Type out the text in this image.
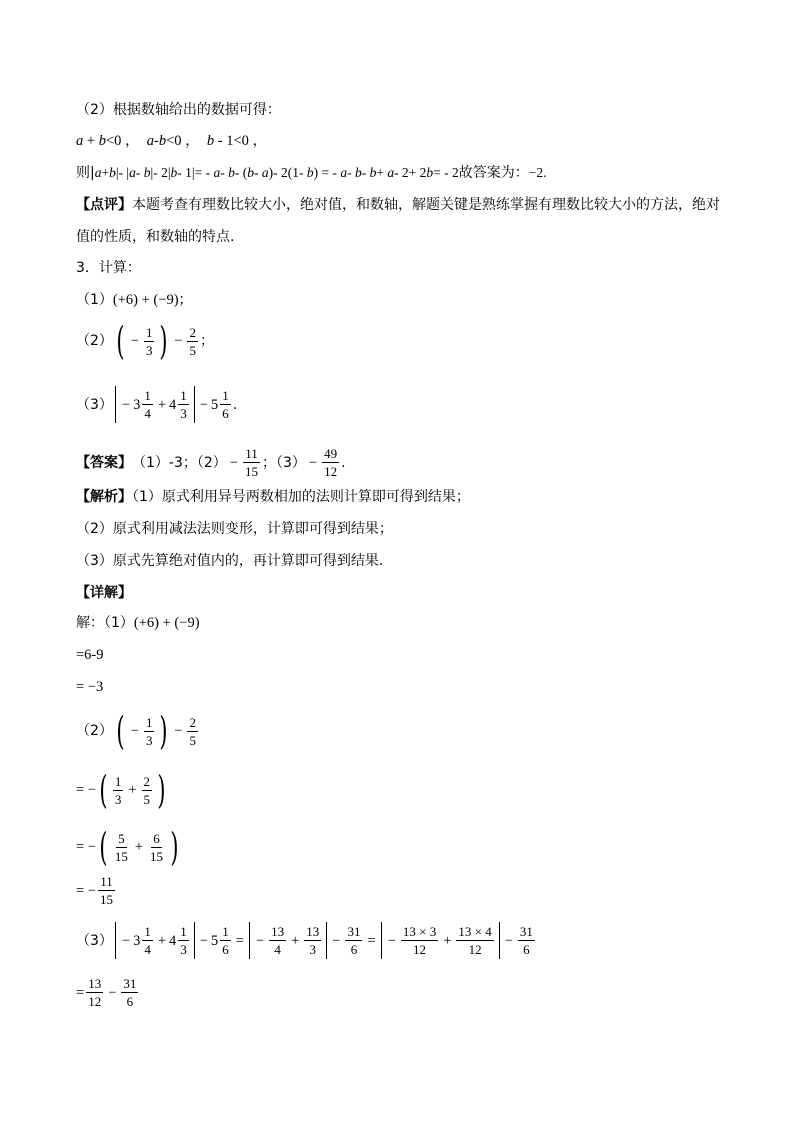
（2）根据数轴给出的数据可得：
a + b<0 ， a-b<0 ， b - 1<0 ，
则|a+b|- |a- b|- 2|b- 1|= - a- b- (b- a)- 2(1- b) = - a- b- b+ a- 2+ 2b= - 2故答案为：−2.
【点评】本题考查有理数比较大小，绝对值，和数轴，解题关键是熟练掌握有理数比较大小的方法，绝对
值的性质，和数轴的特点.
3．计算：
（1）(+6) + (−9)；
（2） ( − $\frac{1}{3}$ ) − $\frac{2}{5}$ ；
$(3) - 3 \frac{1}{4} + 4 \frac{1}{3} - 5 \frac{1}{6}$ .
【答案】 （1）-3；$(2) - \frac{11}{15}$ ；$(3) - \frac{49}{12}$ .
【解析】（1）原式利用异号两数相加的法则计算即可得到结果；
（2）原式利用减法法则变形，计算即可得到结果；
（3）原式先算绝对值内的，再计算即可得到结果.
【详解】
解：（1）(+6) + (−9)
=6-9
= −3
（2） ( − $\frac{1}{3}$ ) − $\frac{2}{5}$
= − ( $\frac{1}{3} + \frac{2}{5}$ )
= − ( $\frac{5}{15} + \frac{6}{15}$ )
= − $\frac{11}{15}$
$(3) - 3 \frac{1}{4} + 4 \frac{1}{3} - 5 \frac{1}{6}$ = − $\frac{13}{4} + \frac{13}{3} - \frac{31}{6}$ = − $\frac{13 \times 3}{12} + \frac{13 \times 4}{12} - \frac{31}{6}$
= $\frac{13}{12} - \frac{31}{6}$
